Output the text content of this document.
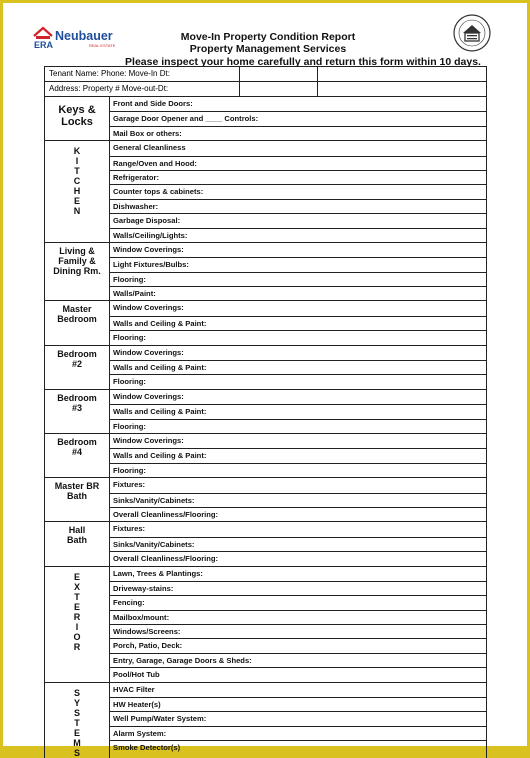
ERA
Neubauer
REAL ESTATE
Move-In Property Condition Report
Property Management Services
Please inspect your home carefully and return this form within 10 days.
Tenant Name: Phone: Move-In Dt:
Address: Property # Move-out-Dt:
Keys &
Locks
Front and Side Doors:
Garage Door Opener and ____ Controls:
Mail Box or others:
K
I
T
C
H
E
N
General Cleanliness
Range/Oven and Hood:
Refrigerator:
Counter tops & cabinets:
Dishwasher:
Garbage Disposal:
Walls/Ceiling/Lights:
Living &
Family &
Dining Rm.
Window Coverings:
Light Fixtures/Bulbs:
Flooring:
Walls/Paint:
Master
Bedroom
Window Coverings:
Walls and Ceiling & Paint:
Flooring:
Bedroom
#2
Window Coverings:
Walls and Ceiling & Paint:
Flooring:
Bedroom
#3
Window Coverings:
Walls and Ceiling & Paint:
Flooring:
Bedroom
#4
Window Coverings:
Walls and Ceiling & Paint:
Flooring:
Master BR
Bath
Fixtures:
Sinks/Vanity/Cabinets:
Overall Cleanliness/Flooring:
Hall
Bath
Fixtures:
Sinks/Vanity/Cabinets:
Overall Cleanliness/Flooring:
E
X
T
E
R
I
O
R
Lawn, Trees & Plantings:
Driveway-stains:
Fencing:
Mailbox/mount:
Windows/Screens:
Porch, Patio, Deck:
Entry, Garage, Garage Doors & Sheds:
Pool/Hot Tub
S
Y
S
T
E
M
S
HVAC Filter
HW Heater(s)
Well Pump/Water System:
Alarm System:
Smoke Detector(s)
